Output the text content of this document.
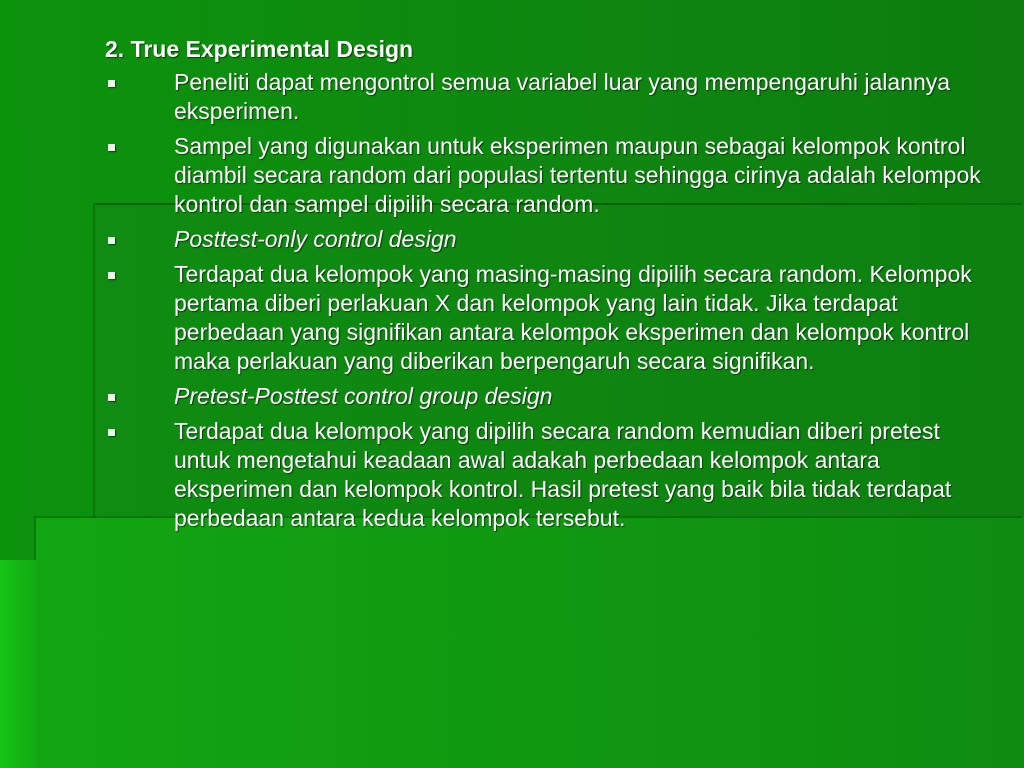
2. True Experimental Design
Peneliti dapat mengontrol semua variabel luar yang mempengaruhi jalannya eksperimen.
Sampel yang digunakan untuk eksperimen maupun sebagai kelompok kontrol diambil secara random dari populasi tertentu sehingga cirinya adalah kelompok kontrol dan sampel dipilih secara random.
Posttest-only control design
Terdapat dua kelompok yang masing-masing dipilih secara random. Kelompok pertama diberi perlakuan X dan kelompok yang lain tidak. Jika terdapat perbedaan yang signifikan antara kelompok eksperimen dan kelompok kontrol maka perlakuan yang diberikan berpengaruh secara signifikan.
Pretest-Posttest control group design
Terdapat dua kelompok yang dipilih secara random kemudian diberi pretest untuk mengetahui keadaan awal adakah perbedaan kelompok antara eksperimen dan kelompok kontrol. Hasil pretest yang baik bila tidak terdapat perbedaan antara kedua kelompok tersebut.
